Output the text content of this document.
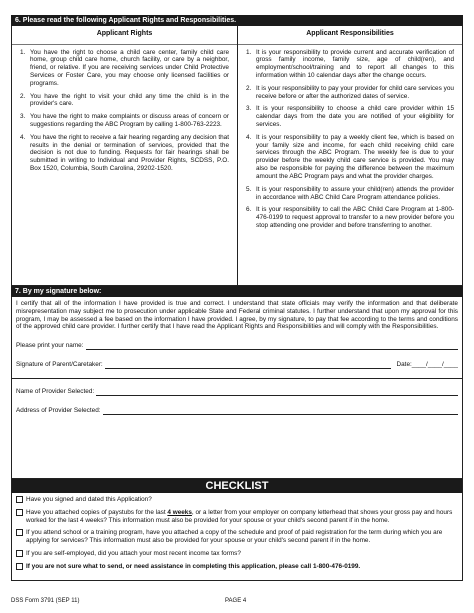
6. Please read the following Applicant Rights and Responsibilities.
Applicant Rights
1. You have the right to choose a child care center, family child care home, group child care home, church facility, or care by a neighbor, friend, or relative. If you are receiving services under Child Protective Services or Foster Care, you may choose only licensed facilities or programs.
2. You have the right to visit your child any time the child is in the provider's care.
3. You have the right to make complaints or discuss areas of concern or suggestions regarding the ABC Program by calling 1-800-763-2223.
4. You have the right to receive a fair hearing regarding any decision that results in the denial or termination of services, provided that the decision is not due to funding. Requests for fair hearings shall be submitted in writing to Individual and Provider Rights, SCDSS, P.O. Box 1520, Columbia, South Carolina, 29202-1520.
Applicant Responsibilities
1. It is your responsibility to provide current and accurate verification of gross family income, family size, age of child(ren), and employment/school/training and to report all changes to this information within 10 calendar days after the change occurs.
2. It is your responsibility to pay your provider for child care services you receive before or after the authorized dates of service.
3. It is your responsibility to choose a child care provider within 15 calendar days from the date you are notified of your eligibility for services.
4. It is your responsibility to pay a weekly client fee, which is based on your family size and income, for each child receiving child care services through the ABC Program. The weekly fee is due to your provider before the weekly child care service is provided. You may also be responsible for paying the difference between the maximum amount the ABC Program pays and what the provider charges.
5. It is your responsibility to assure your child(ren) attends the provider in accordance with ABC Child Care Program attendance policies.
6. It is your responsibility to call the ABC Child Care Program at 1-800-476-0199 to request approval to transfer to a new provider before you stop attending one provider and before transferring to another.
7. By my signature below:

I certify that all of the information I have provided is true and correct. I understand that state officials may verify the information and that deliberate misrepresentation may subject me to prosecution under applicable State and Federal criminal statutes. I further understand that upon my approval for this program, I may be assessed a fee based on the information I have provided. I agree, by my signature, to pay that fee according to the terms and conditions of the approved child care provider. I further certify that I have read the Applicant Rights and Responsibilities and will comply with the Responsibilities.

Please print your name:
Signature of Parent/Caretaker:	Date:____/____/____
Name of Provider Selected:
Address of Provider Selected:
CHECKLIST
Have you signed and dated this Application?
Have you attached copies of paystubs for the last 4 weeks, or a letter from your employer on company letterhead that shows your gross pay and hours worked for the last 4 weeks? This information must also be provided for your spouse or your child's second parent if in the home.
If you attend school or a training program, have you attached a copy of the schedule and proof of paid registration for the term during which you are applying for services? This information must also be provided for your spouse or your child's second parent if in the home.
If you are self-employed, did you attach your most recent income tax forms?
If you are not sure what to send, or need assistance in completing this application, please call 1-800-476-0199.
DSS Form 3791 (SEP 11)	PAGE 4
